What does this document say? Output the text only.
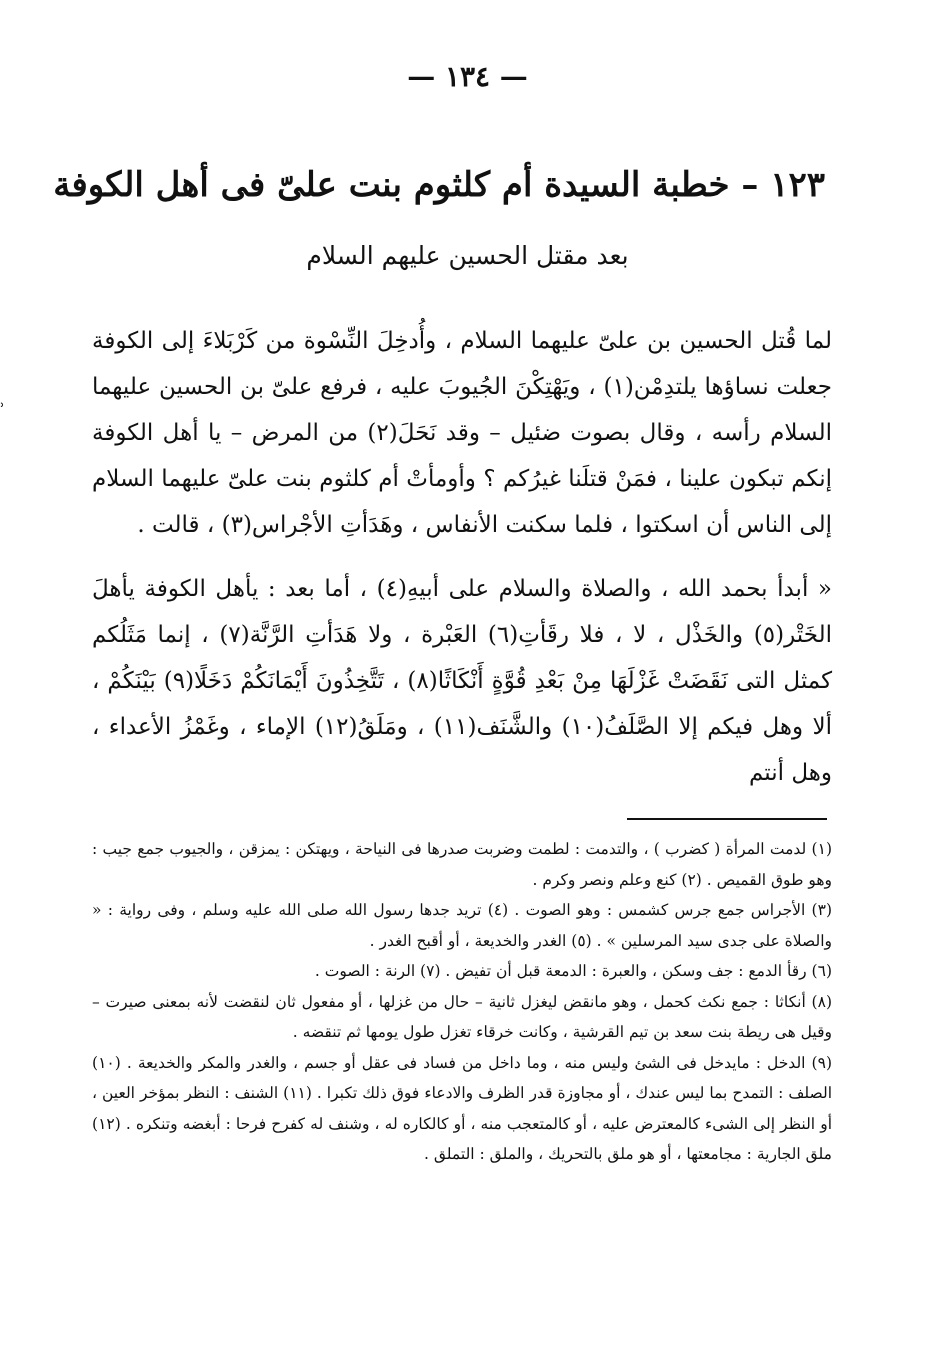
˒
— ١٣٤ —
١٢٣ – خطبة السيدة أم كلثوم بنت علىّ فى أهل الكوفة
بعد مقتل الحسين عليهم السلام

لما قُتل الحسين بن علىّ عليهما السلام ، وأُدخِلَ النِّسْوة من كَرْبَلاءَ إلى الكوفة جعلت نساؤها يلتدِمْن(١) ، ويَهْتِكْنَ الجُيوبَ عليه ، فرفع علىّ بن الحسين عليهما السلام رأسه ، وقال بصوت ضئيل – وقد نَحَلَ(٢) من المرض – يا أهل الكوفة إنكم تبكون علينا ، فمَنْ قتلَنا غيرُكم ؟ وأومأتْ أم كلثوم بنت علىّ عليهما السلام إلى الناس أن اسكتوا ، فلما سكنت الأنفاس ، وهَدَأتِ الأجْراس(٣) ، قالت .

« أبدأ بحمد الله ، والصلاة والسلام على أبيهِ(٤) ، أما بعد : يأهل الكوفة يأهلَ الخَتْر(٥) والخَذْل ، لا ، فلا رقَأتِ(٦) العَبْرة ، ولا هَدَأتِ الرَّنَّة(٧) ، إنما مَثَلُكم كمثل التى نَقَضَتْ غَزْلَهَا مِنْ بَعْدِ قُوَّةٍ أَنْكَاثًا(٨) ، تَتَّخِذُونَ أَيْمَانَكُمْ دَخَلًا(٩) بَيْنَكُمْ ، ألا وهل فيكم إلا الصَّلَفُ(١٠) والشَّنَف(١١) ، ومَلَقُ(١٢) الإماء ، وغَمْزُ الأعداء ، وهل أنتم

(١) لدمت المرأة ( كضرب ) ، والتدمت : لطمت وضربت صدرها فى النياحة ، ويهتكن : يمزقن ، والجيوب جمع جيب : وهو طوق القميص . (٢) كنع وعلم ونصر وكرم .

(٣) الأجراس جمع جرس كشمس : وهو الصوت . (٤) تريد جدها رسول الله صلى الله عليه وسلم ، وفى رواية : « والصلاة على جدى سيد المرسلين » . (٥) الغدر والخديعة ، أو أقبح الغدر .

(٦) رقأ الدمع : جف وسكن ، والعبرة : الدمعة قبل أن تفيض . (٧) الرنة : الصوت .

(٨) أنكاثا : جمع نكث كحمل ، وهو مانقض ليغزل ثانية – حال من غزلها ، أو مفعول ثان لنقضت لأنه بمعنى صيرت – وقيل هى ريطة بنت سعد بن تيم القرشية ، وكانت خرقاء تغزل طول يومها ثم تنقضه .

(٩) الدخل : مايدخل فى الشئ وليس منه ، وما داخل من فساد فى عقل أو جسم ، والغدر والمكر والخديعة . (١٠) الصلف : التمدح بما ليس عندك ، أو مجاوزة قدر الظرف والادعاء فوق ذلك تكبرا . (١١) الشنف : النظر بمؤخر العين ، أو النظر إلى الشىء كالمعترض عليه ، أو كالمتعجب منه ، أو كالكاره له ، وشنف له كفرح فرحا : أبغضه وتنكره . (١٢) ملق الجارية : مجامعتها ، أو هو ملق بالتحريك ، والملق : التملق .
